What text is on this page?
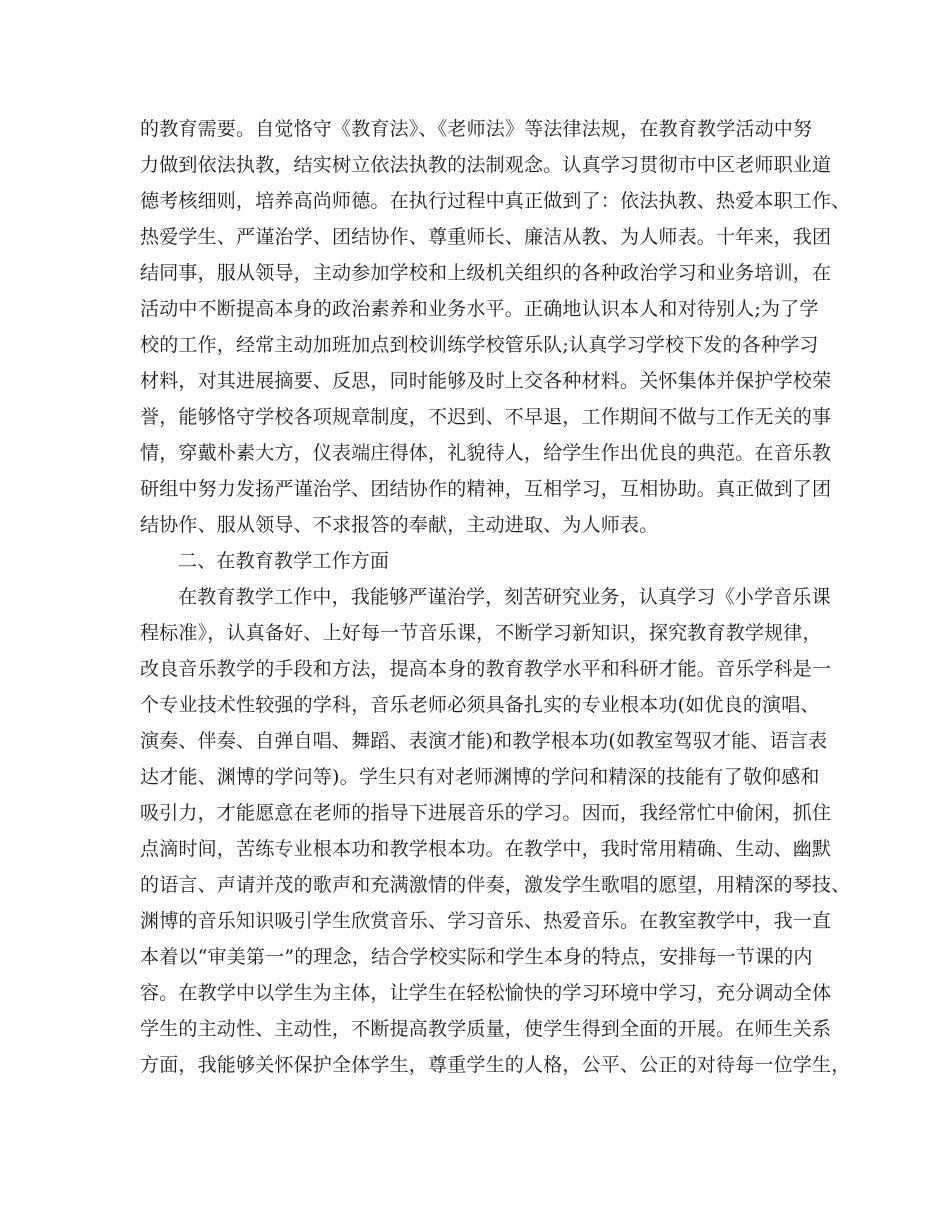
的教育需要。自觉恪守《教育法》、《老师法》等法律法规，在教育教学活动中努
力做到依法执教，结实树立依法执教的法制观念。认真学习贯彻市中区老师职业道
德考核细则，培养高尚师德。在执行过程中真正做到了：依法执教、热爱本职工作、
热爱学生、严谨治学、团结协作、尊重师长、廉洁从教、为人师表。十年来，我团
结同事，服从领导，主动参加学校和上级机关组织的各种政治学习和业务培训，在
活动中不断提高本身的政治素养和业务水平。正确地认识本人和对待别人;为了学
校的工作，经常主动加班加点到校训练学校管乐队;认真学习学校下发的各种学习
材料，对其进展摘要、反思，同时能够及时上交各种材料。关怀集体并保护学校荣
誉，能够恪守学校各项规章制度，不迟到、不早退，工作期间不做与工作无关的事
情，穿戴朴素大方，仪表端庄得体，礼貌待人，给学生作出优良的典范。在音乐教
研组中努力发扬严谨治学、团结协作的精神，互相学习，互相协助。真正做到了团
结协作、服从领导、不求报答的奉献，主动进取、为人师表。
二、在教育教学工作方面
在教育教学工作中，我能够严谨治学，刻苦研究业务，认真学习《小学音乐课
程标准》，认真备好、上好每一节音乐课，不断学习新知识，探究教育教学规律，
改良音乐教学的手段和方法，提高本身的教育教学水平和科研才能。音乐学科是一
个专业技术性较强的学科，音乐老师必须具备扎实的专业根本功(如优良的演唱、
演奏、伴奏、自弹自唱、舞蹈、表演才能)和教学根本功(如教室驾驭才能、语言表
达才能、渊博的学问等)。学生只有对老师渊博的学问和精深的技能有了敬仰感和
吸引力，才能愿意在老师的指导下进展音乐的学习。因而，我经常忙中偷闲，抓住
点滴时间，苦练专业根本功和教学根本功。在教学中，我时常用精确、生动、幽默
的语言、声请并茂的歌声和充满激情的伴奏，激发学生歌唱的愿望，用精深的琴技、
渊博的音乐知识吸引学生欣赏音乐、学习音乐、热爱音乐。在教室教学中，我一直
本着以“审美第一”的理念，结合学校实际和学生本身的特点，安排每一节课的内
容。在教学中以学生为主体，让学生在轻松愉快的学习环境中学习，充分调动全体
学生的主动性、主动性，不断提高教学质量，使学生得到全面的开展。在师生关系
方面，我能够关怀保护全体学生，尊重学生的人格，公平、公正的对待每一位学生，
